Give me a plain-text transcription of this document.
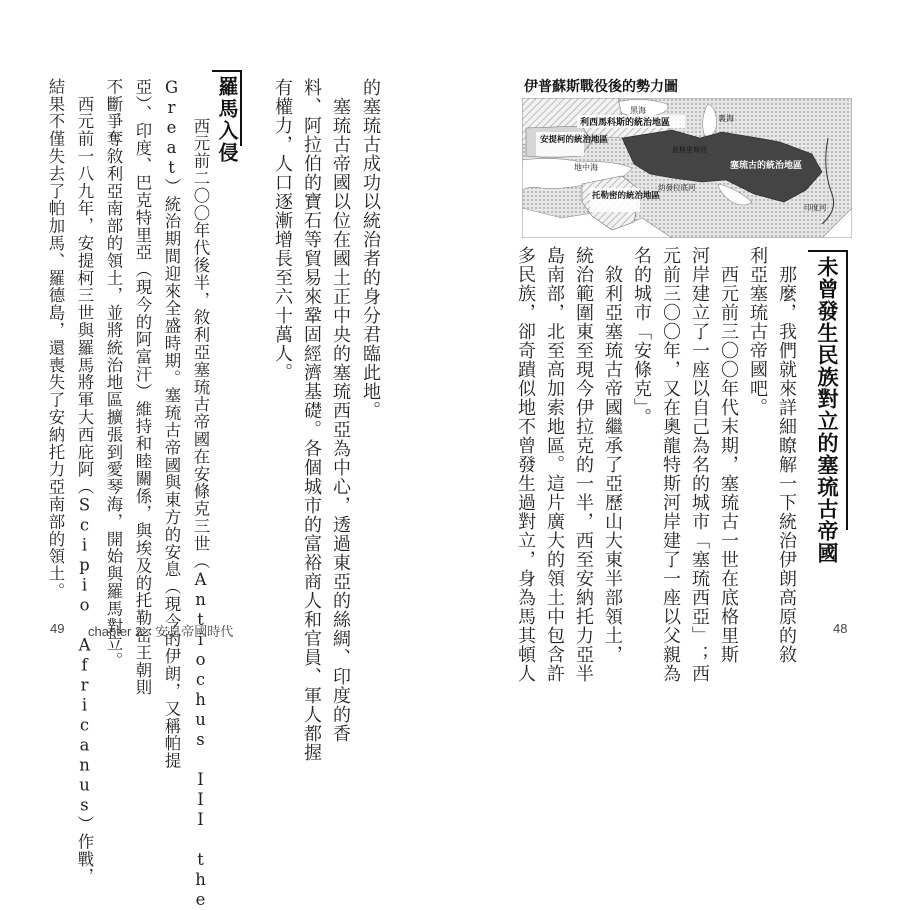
的塞琉古成功以統治者的身分君臨此地。
　塞琉古帝國以位在國土正中央的塞琉西亞為中心，透過東亞的絲綢、印度的香
料、阿拉伯的寶石等貿易來鞏固經濟基礎。各個城市的富裕商人和官員、軍人都握
有權力，人口逐漸增長至六十萬人。
羅馬入侵
　西元前二〇〇年代後半，敘利亞塞琉古帝國在安條克三世（Antiochus III the
Great）統治期間迎來全盛時期。塞琉古帝國與東方的安息（現今的伊朗，又稱帕提
亞）、印度、巴克特里亞（現今的阿富汗）維持和睦關係，與埃及的托勒密王朝則
不斷爭奪敘利亞南部的領土，並將統治地區擴張到愛琴海，開始與羅馬對立。
　西元前一八九年，安提柯三世與羅馬將軍大西庇阿（Scipio Africanus）作戰，
結果不僅失去了帕加馬、羅德島，還喪失了安納托力亞南部的領土。
49 chapter 2　安息帝國時代
伊普蘇斯戰役後的勢力圖
黑海
利西馬科斯的統治地區	裏海
安提柯的統治地區
底格里斯河
塞琉古的統治地區
地中海
托勒密的統治地區
幼發拉底河
印度河
未曾發生民族對立的塞琉古帝國
　那麼，我們就來詳細瞭解一下統治伊朗高原的敘
利亞塞琉古帝國吧。
　西元前三〇〇年代末期，塞琉古一世在底格里斯
河岸建立了一座以自己為名的城市「塞琉西亞」；西
元前三〇〇年，又在奧龍特斯河岸建了一座以父親為
名的城市「安條克」。
　敘利亞塞琉古帝國繼承了亞歷山大東半部領土，
統治範圍東至現今伊拉克的一半，西至安納托力亞半
島南部，北至高加索地區。這片廣大的領土中包含許
多民族，卻奇蹟似地不曾發生過對立，身為馬其頓人	48
